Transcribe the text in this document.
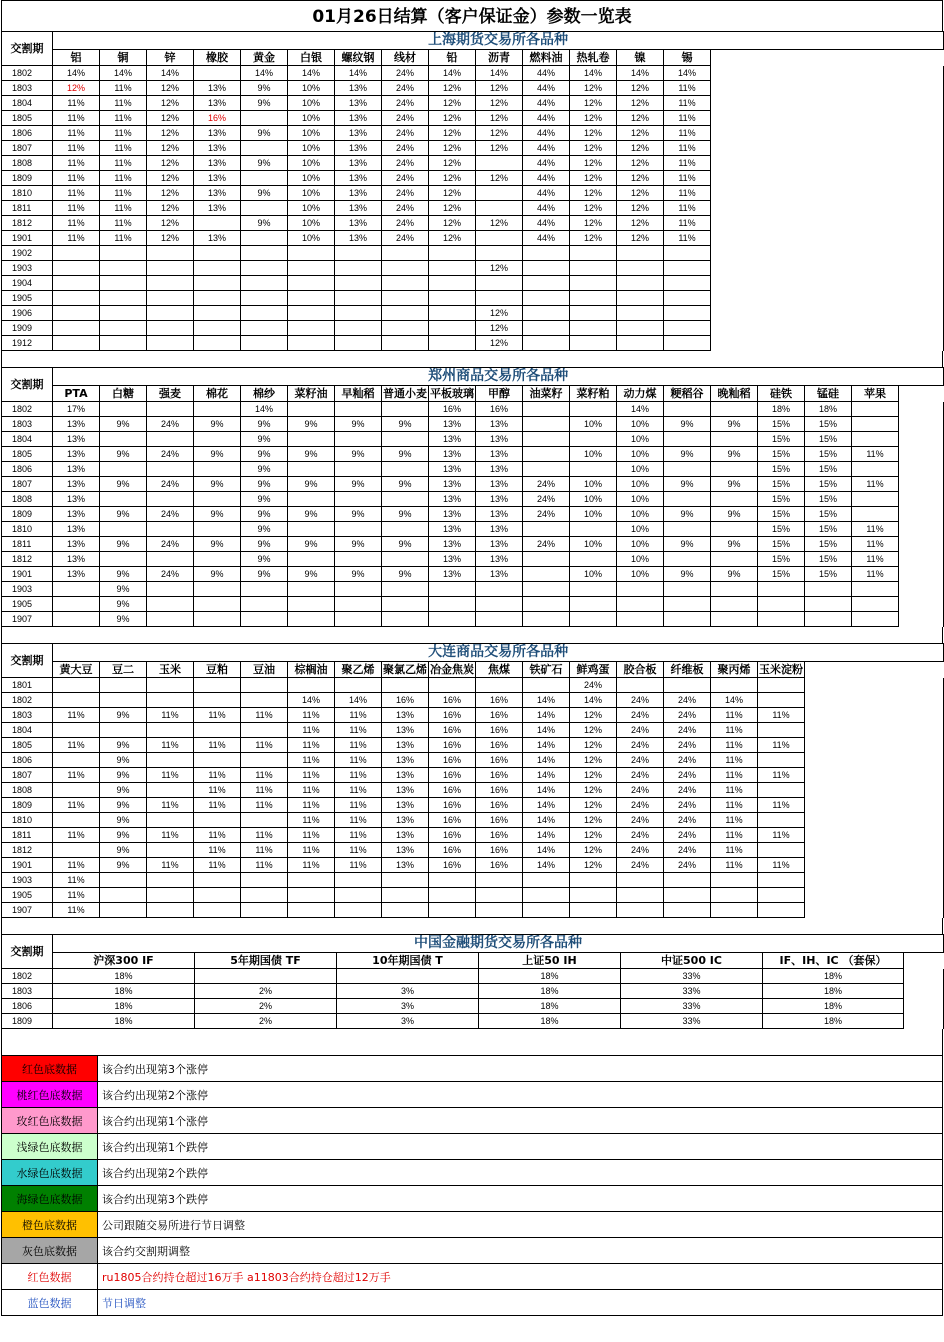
01月26日结算（客户保证金）参数一览表
交割期	上海期货交易所各品种														
	铝	铜	锌	橡胶	黄金	白银	螺纹钢	线材	铅	沥青	燃料油	热轧卷	镍	锡	
1802	14%	14%	14%		14%	14%	14%	24%	14%	14%	44%	14%	14%	14%	
1803	12%	11%	12%	13%	9%	10%	13%	24%	12%	12%	44%	12%	12%	11%	
1804	11%	11%	12%	13%	9%	10%	13%	24%	12%	12%	44%	12%	12%	11%	
1805	11%	11%	12%	16%		10%	13%	24%	12%	12%	44%	12%	12%	11%	
1806	11%	11%	12%	13%	9%	10%	13%	24%	12%	12%	44%	12%	12%	11%	
1807	11%	11%	12%	13%		10%	13%	24%	12%	12%	44%	12%	12%	11%	
1808	11%	11%	12%	13%	9%	10%	13%	24%	12%		44%	12%	12%	11%	
1809	11%	11%	12%	13%		10%	13%	24%	12%	12%	44%	12%	12%	11%	
1810	11%	11%	12%	13%	9%	10%	13%	24%	12%		44%	12%	12%	11%	
1811	11%	11%	12%	13%		10%	13%	24%	12%		44%	12%	12%	11%	
1812	11%	11%	12%		9%	10%	13%	24%	12%	12%	44%	12%	12%	11%	
1901	11%	11%	12%	13%		10%	13%	24%	12%		44%	12%	12%	11%	
1902															
1903										12%					
1904															
1905															
1906										12%					
1909										12%					
1912										12%					
交割期	郑州商品交易所各品种																		
	PTA	白糖	强麦	棉花	棉纱	菜籽油	早籼稻	普通小麦	平板玻璃	甲醇	油菜籽	菜籽粕	动力煤	粳稻谷	晚籼稻	硅铁	锰硅	苹果	
1802	17%				14%				16%	16%			14%			18%	18%		
1803	13%	9%	24%	9%	9%	9%	9%	9%	13%	13%		10%	10%	9%	9%	15%	15%		
1804	13%				9%				13%	13%			10%			15%	15%		
1805	13%	9%	24%	9%	9%	9%	9%	9%	13%	13%		10%	10%	9%	9%	15%	15%	11%	
1806	13%				9%				13%	13%			10%			15%	15%		
1807	13%	9%	24%	9%	9%	9%	9%	9%	13%	13%	24%	10%	10%	9%	9%	15%	15%	11%	
1808	13%				9%				13%	13%	24%	10%	10%			15%	15%		
1809	13%	9%	24%	9%	9%	9%	9%	9%	13%	13%	24%	10%	10%	9%	9%	15%	15%		
1810	13%				9%				13%	13%			10%			15%	15%	11%	
1811	13%	9%	24%	9%	9%	9%	9%	9%	13%	13%	24%	10%	10%	9%	9%	15%	15%	11%	
1812	13%				9%				13%	13%			10%			15%	15%	11%	
1901	13%	9%	24%	9%	9%	9%	9%	9%	13%	13%		10%	10%	9%	9%	15%	15%	11%	
1903		9%																	
1905		9%																	
1907		9%																	
交割期	大连商品交易所各品种																
	黄大豆	豆二	玉米	豆粕	豆油	棕榈油	聚乙烯	聚氯乙烯	冶金焦炭	焦煤	铁矿石	鲜鸡蛋	胶合板	纤维板	聚丙烯	玉米淀粉	
1801												24%					
1802						14%	14%	16%	16%	16%	14%	14%	24%	24%	14%		
1803	11%	9%	11%	11%	11%	11%	11%	13%	16%	16%	14%	12%	24%	24%	11%	11%	
1804						11%	11%	13%	16%	16%	14%	12%	24%	24%	11%		
1805	11%	9%	11%	11%	11%	11%	11%	13%	16%	16%	14%	12%	24%	24%	11%	11%	
1806		9%				11%	11%	13%	16%	16%	14%	12%	24%	24%	11%		
1807	11%	9%	11%	11%	11%	11%	11%	13%	16%	16%	14%	12%	24%	24%	11%	11%	
1808		9%		11%	11%	11%	11%	13%	16%	16%	14%	12%	24%	24%	11%		
1809	11%	9%	11%	11%	11%	11%	11%	13%	16%	16%	14%	12%	24%	24%	11%	11%	
1810		9%				11%	11%	13%	16%	16%	14%	12%	24%	24%	11%		
1811	11%	9%	11%	11%	11%	11%	11%	13%	16%	16%	14%	12%	24%	24%	11%	11%	
1812		9%		11%	11%	11%	11%	13%	16%	16%	14%	12%	24%	24%	11%		
1901	11%	9%	11%	11%	11%	11%	11%	13%	16%	16%	14%	12%	24%	24%	11%	11%	
1903	11%																
1905	11%																
1907	11%																
交割期	中国金融期货交易所各品种						
	沪深300 IF	5年期国债 TF	10年期国债 T	上证50 IH	中证500 IC	IF、IH、IC （套保）	
1802	18%			18%	33%	18%	
1803	18%	2%	3%	18%	33%	18%	
1806	18%	2%	3%	18%	33%	18%	
1809	18%	2%	3%	18%	33%	18%	
红色底数据	该合约出现第3个涨停
桃红色底数据	该合约出现第2个涨停
玫红色底数据	该合约出现第1个涨停
浅绿色底数据	该合约出现第1个跌停
水绿色底数据	该合约出现第2个跌停
海绿色底数据	该合约出现第3个跌停
橙色底数据	公司跟随交易所进行节日调整
灰色底数据	该合约交割期调整
红色数据	ru1805合约持仓超过16万手 a11803合约持仓超过12万手
蓝色数据	节日调整
